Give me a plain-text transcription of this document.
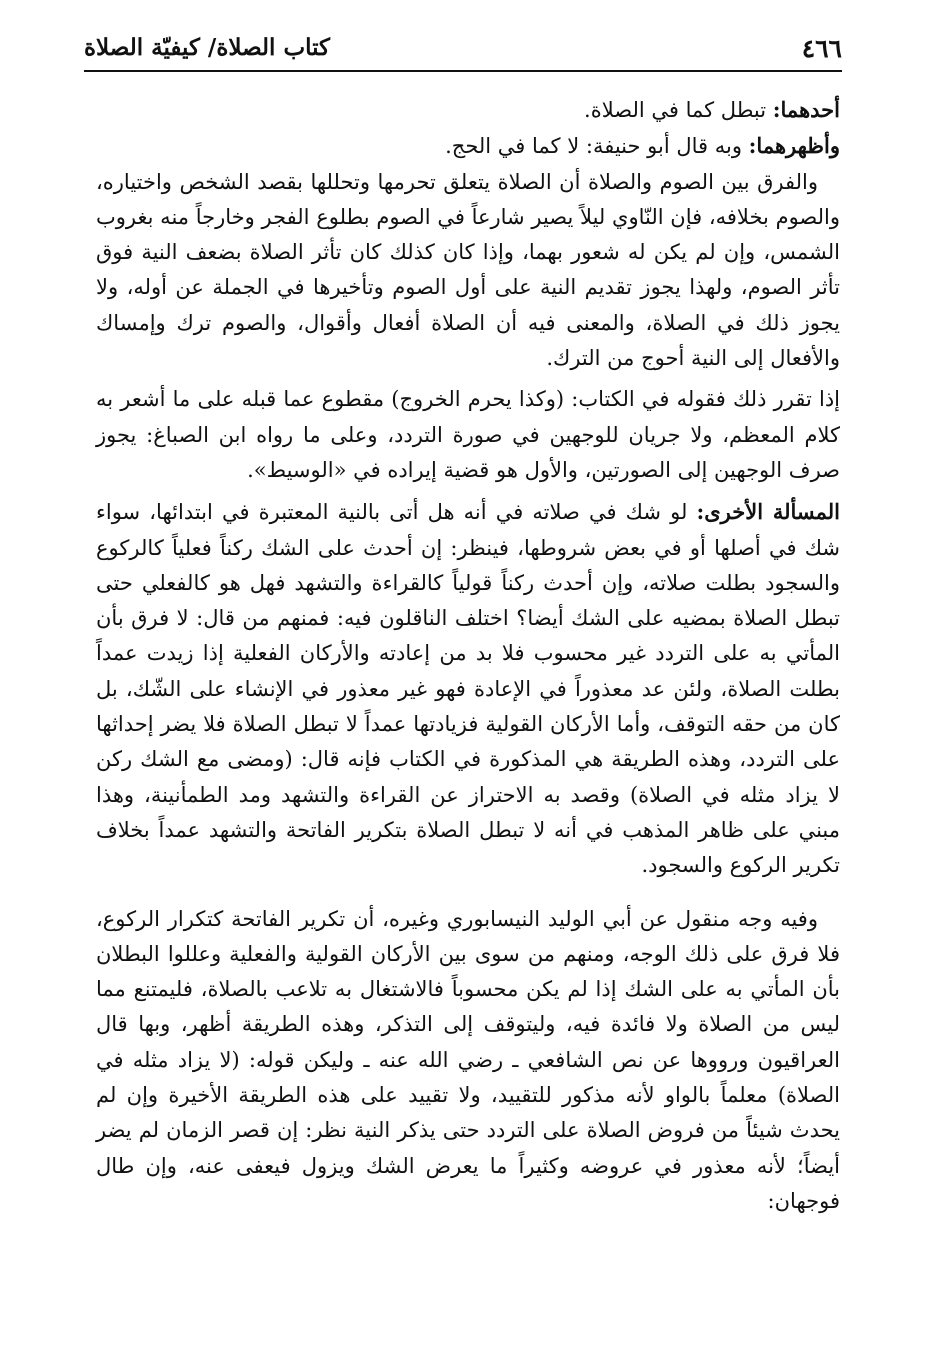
٤٦٦
كتاب الصلاة/ كيفيّة الصلاة

أحدهما: تبطل كما في الصلاة.

وأظهرهما: وبه قال أبو حنيفة: لا كما في الحج.

والفرق بين الصوم والصلاة أن الصلاة يتعلق تحرمها وتحللها بقصد الشخص واختياره، والصوم بخلافه، فإن النّاوي ليلاً يصير شارعاً في الصوم بطلوع الفجر وخارجاً منه بغروب الشمس، وإن لم يكن له شعور بهما، وإذا كان كذلك كان تأثر الصلاة بضعف النية فوق تأثر الصوم، ولهذا يجوز تقديم النية على أول الصوم وتأخيرها في الجملة عن أوله، ولا يجوز ذلك في الصلاة، والمعنى فيه أن الصلاة أفعال وأقوال، والصوم ترك وإمساك والأفعال إلى النية أحوج من الترك.

إذا تقرر ذلك فقوله في الكتاب: (وكذا يحرم الخروج) مقطوع عما قبله على ما أشعر به كلام المعظم، ولا جريان للوجهين في صورة التردد، وعلى ما رواه ابن الصباغ: يجوز صرف الوجهين إلى الصورتين، والأول هو قضية إيراده في «الوسيط».

المسألة الأخرى: لو شك في صلاته في أنه هل أتى بالنية المعتبرة في ابتدائها، سواء شك في أصلها أو في بعض شروطها، فينظر: إن أحدث على الشك ركناً فعلياً كالركوع والسجود بطلت صلاته، وإن أحدث ركناً قولياً كالقراءة والتشهد فهل هو كالفعلي حتى تبطل الصلاة بمضيه على الشك أيضا؟ اختلف الناقلون فيه: فمنهم من قال: لا فرق بأن المأتي به على التردد غير محسوب فلا بد من إعادته والأركان الفعلية إذا زيدت عمداً بطلت الصلاة، ولئن عد معذوراً في الإعادة فهو غير معذور في الإنشاء على الشّك، بل كان من حقه التوقف، وأما الأركان القولية فزيادتها عمداً لا تبطل الصلاة فلا يضر إحداثها على التردد، وهذه الطريقة هي المذكورة في الكتاب فإنه قال: (ومضى مع الشك ركن لا يزاد مثله في الصلاة) وقصد به الاحتراز عن القراءة والتشهد ومد الطمأنينة، وهذا مبني على ظاهر المذهب في أنه لا تبطل الصلاة بتكرير الفاتحة والتشهد عمداً بخلاف تكرير الركوع والسجود.

وفيه وجه منقول عن أبي الوليد النيسابوري وغيره، أن تكرير الفاتحة كتكرار الركوع، فلا فرق على ذلك الوجه، ومنهم من سوى بين الأركان القولية والفعلية وعللوا البطلان بأن المأتي به على الشك إذا لم يكن محسوباً فالاشتغال به تلاعب بالصلاة، فليمتنع مما ليس من الصلاة ولا فائدة فيه، وليتوقف إلى التذكر، وهذه الطريقة أظهر، وبها قال العراقيون ورووها عن نص الشافعي ـ رضي الله عنه ـ وليكن قوله: (لا يزاد مثله في الصلاة) معلماً بالواو لأنه مذكور للتقييد، ولا تقييد على هذه الطريقة الأخيرة وإن لم يحدث شيئاً من فروض الصلاة على التردد حتى يذكر النية نظر: إن قصر الزمان لم يضر أيضاً؛ لأنه معذور في عروضه وكثيراً ما يعرض الشك ويزول فيعفى عنه، وإن طال فوجهان:
